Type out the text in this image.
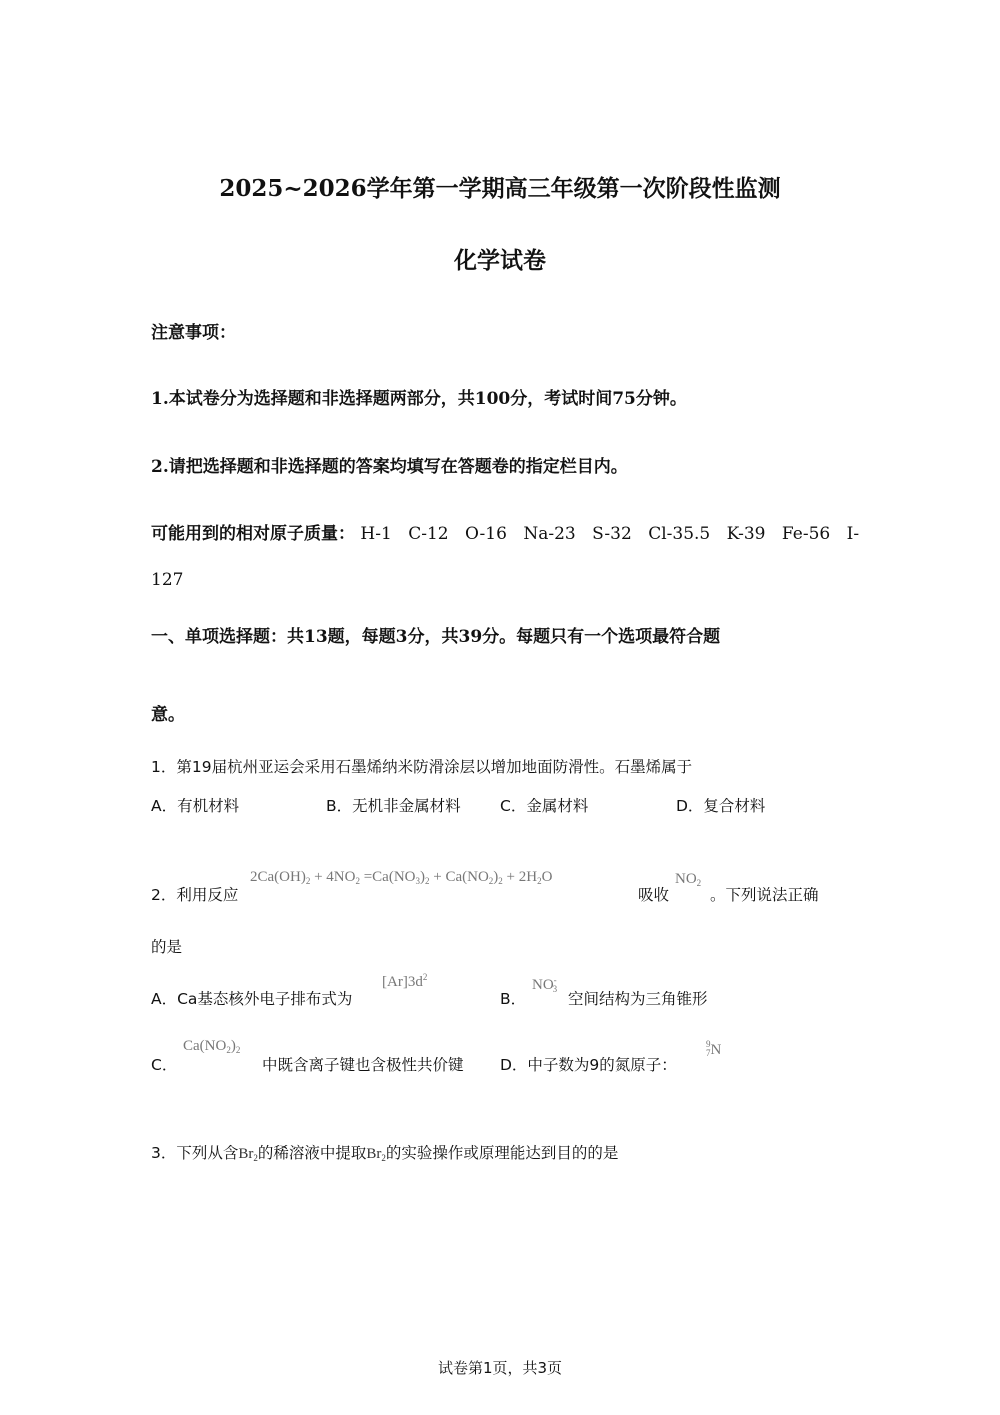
2025~2026学年第一学期高三年级第一次阶段性监测
化学试卷
注意事项：
1.本试卷分为选择题和非选择题两部分，共100分，考试时间75分钟。
2.请把选择题和非选择题的答案均填写在答题卷的指定栏目内。
可能用到的相对原子质量： H-1 C-12 O-16 Na-23 S-32 Cl-35.5 K-39 Fe-56 I-
127
一、单项选择题：共13题，每题3分，共39分。每题只有一个选项最符合题
意。
1．第19届杭州亚运会采用石墨烯纳米防滑涂层以增加地面防滑性。石墨烯属于
A．有机材料	B．无机非金属材料	C．金属材料	D．复合材料
2．利用反应
$2Ca(OH)_2 + 4NO_2 =Ca(NO_3)_2 + Ca(NO_2)_2 + 2H_2O$
吸收
$NO_2$
。下列说法正确
的是
A．Ca基态核外电子排布式为
$[Ar]3d^2$
B．
$NO^-_3$
空间结构为三角锥形
C．
$Ca(NO_2)_2$
中既含离子键也含极性共价键 D．中子数为9的氮原子：
9
7N
3．下列从含$Br_2$的稀溶液中提取$Br_2$的实验操作或原理能达到目的的是
试卷第1页，共3页
